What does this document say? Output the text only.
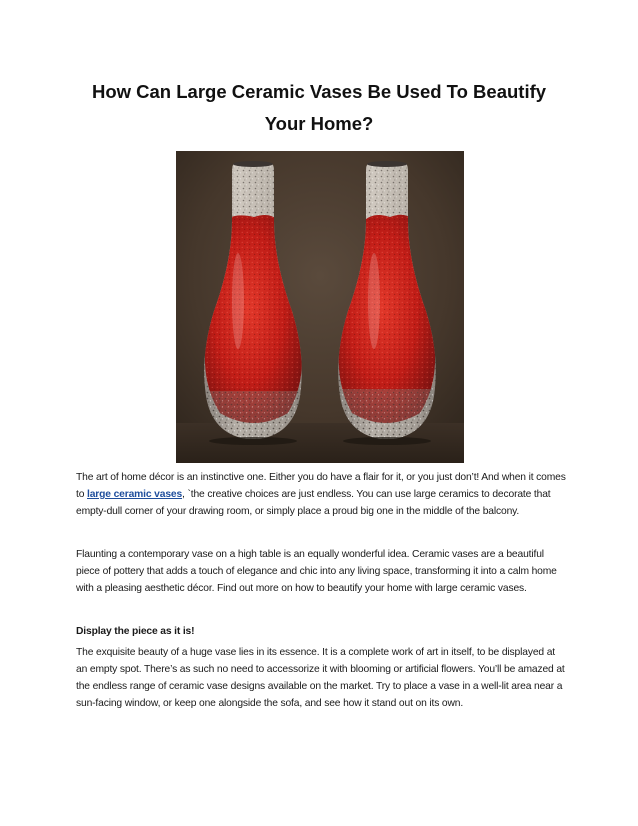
How Can Large Ceramic Vases Be Used To Beautify Your Home?

The art of home décor is an instinctive one. Either you do have a flair for it, or you just don’t! And when it comes to large ceramic vases, `the creative choices are just endless. You can use large ceramics to decorate that empty-dull corner of your drawing room, or simply place a proud big one in the middle of the balcony.

Flaunting a contemporary vase on a high table is an equally wonderful idea. Ceramic vases are a beautiful piece of pottery that adds a touch of elegance and chic into any living space, transforming it into a calm home with a pleasing aesthetic décor. Find out more on how to beautify your home with large ceramic vases.

Display the piece as it is!

The exquisite beauty of a huge vase lies in its essence. It is a complete work of art in itself, to be displayed at an empty spot. There’s as such no need to accessorize it with blooming or artificial flowers. You’ll be amazed at the endless range of ceramic vase designs available on the market. Try to place a vase in a well-lit area near a sun-facing window, or keep one alongside the sofa, and see how it stand out on its own.
